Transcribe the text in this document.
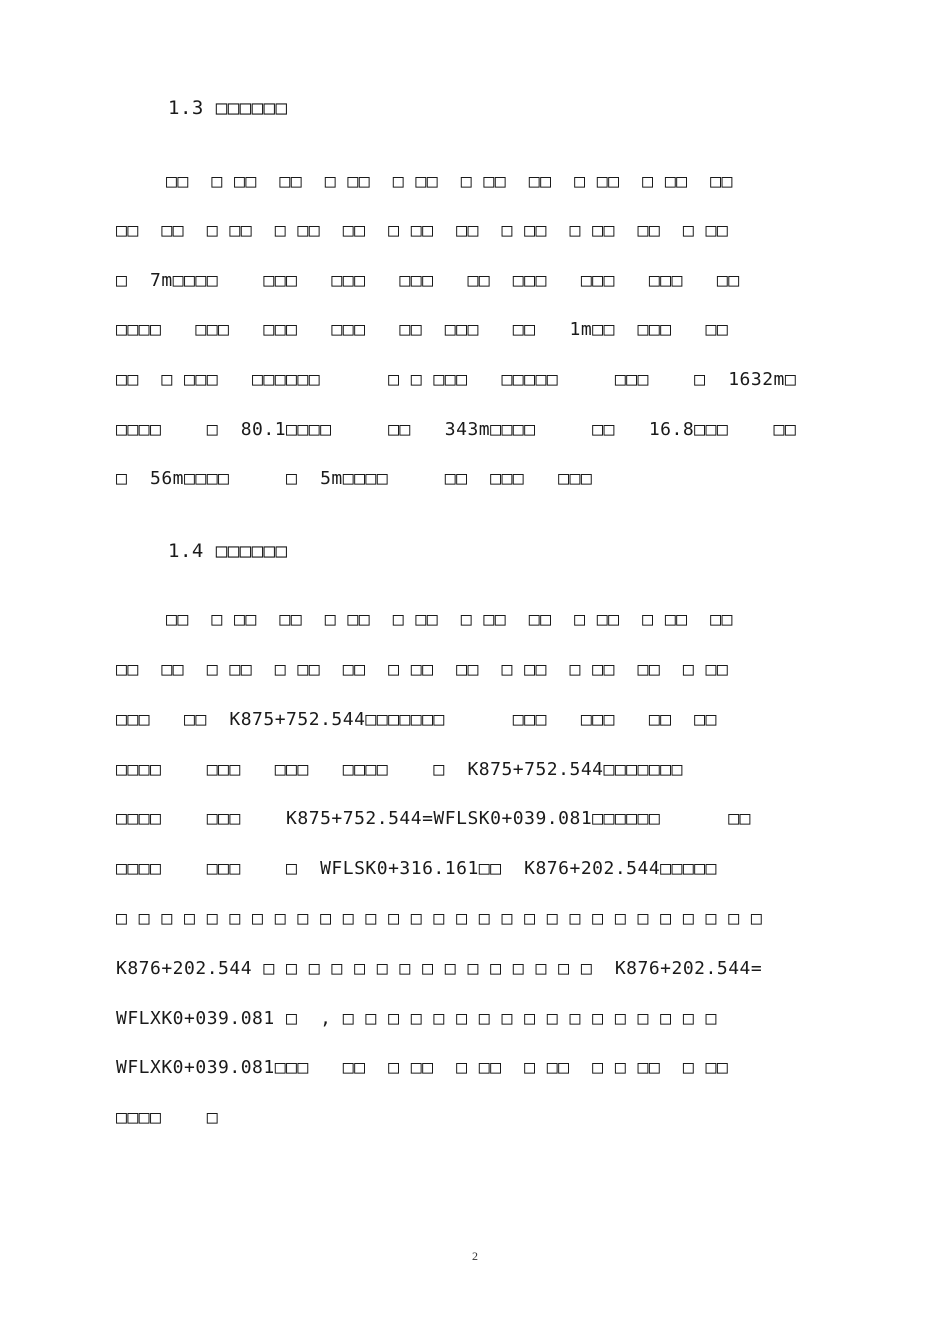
1.3 □□□□□□
□□  □ □□  □□  □ □□  □ □□  □ □□  □□  □ □□  □ □□  □□
□□  □□  □ □□  □ □□  □□  □ □□  □□  □ □□  □ □□  □□  □ □□
□  7m□□□□    □□□   □□□   □□□   □□  □□□   □□□   □□□   □□
□□□□   □□□   □□□   □□□   □□  □□□   □□   1m□□  □□□   □□
□□  □ □□□   □□□□□□      □ □ □□□   □□□□□     □□□    □  1632m□
□□□□    □  80.1□□□□     □□   343m□□□□     □□   16.8□□□    □□
□  56m□□□□     □  5m□□□□     □□  □□□   □□□
1.4 □□□□□□
□□  □ □□  □□  □ □□  □ □□  □ □□  □□  □ □□  □ □□  □□
□□  □□  □ □□  □ □□  □□  □ □□  □□  □ □□  □ □□  □□  □ □□
□□□   □□  K875+752.544□□□□□□□      □□□   □□□   □□  □□
□□□□    □□□   □□□   □□□□    □  K875+752.544□□□□□□□
□□□□    □□□    K875+752.544=WFLSK0+039.081□□□□□□      □□
□□□□    □□□    □  WFLSK0+316.161□□  K876+202.544□□□□□
□ □ □ □ □ □ □ □ □ □ □ □ □ □ □ □ □ □ □ □ □ □ □ □ □ □ □ □ □
K876+202.544 □ □ □ □ □ □ □ □ □ □ □ □ □ □ □  K876+202.544=
WFLXK0+039.081 □  , □ □ □ □ □ □ □ □ □ □ □ □ □ □ □ □ □
WFLXK0+039.081□□□   □□  □ □□  □ □□  □ □□  □ □ □□  □ □□
□□□□    □
2
